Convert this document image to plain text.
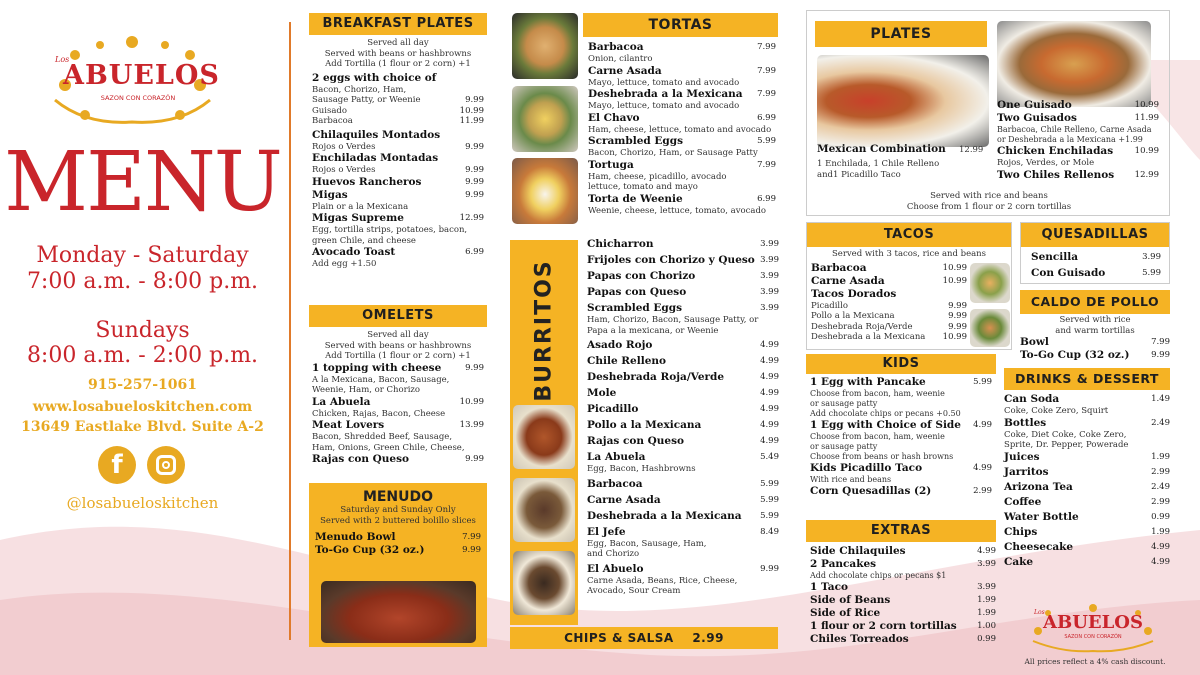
Los
ABUELOS
SAZON CON CORAZÓN
MENU
Monday - Saturday
7:00 a.m. - 8:00 p.m.
Sundays
8:00 a.m. - 2:00 p.m.
915-257-1061
www.losabueloskitchen.com
13649 Eastlake Blvd. Suite A-2
f
@losabueloskitchen
BREAKFAST PLATES
Served all day
Served with beans or hashbrowns
Add Tortilla (1 flour or 2 corn) +1
2 eggs with choice of
Bacon, Chorizo, Ham,
Sausage Patty, or Weenie	9.99
Guisado	10.99
Barbacoa	11.99
Chilaquiles Montados
Rojos o Verdes	9.99
Enchiladas Montadas
Rojos o Verdes	9.99
Huevos Rancheros	9.99
Migas	9.99
Plain or a la Mexicana
Migas Supreme	12.99
Egg, tortilla strips, potatoes, bacon, green Chile, and cheese
Avocado Toast	6.99
Add egg +1.50
OMELETS
Served all day
Served with beans or hashbrowns
Add Tortilla (1 flour or 2 corn) +1
1 topping with cheese	9.99
A la Mexicana, Bacon, Sausage, Weenie, Ham, or Chorizo
La Abuela	10.99
Chicken, Rajas, Bacon, Cheese
Meat Lovers	13.99
Bacon, Shredded Beef, Sausage, Ham, Onions, Green Chile, Cheese,
Rajas con Queso	9.99
MENUDO
Saturday and Sunday Only
Served with 2 buttered bolillo slices
Menudo Bowl	7.99
To-Go Cup (32 oz.)	9.99
TORTAS
Barbacoa	7.99
Onion, cilantro
Carne Asada	7.99
Mayo, lettuce, tomato and avocado
Deshebrada a la Mexicana 7.99
Mayo, lettuce, tomato and avocado
El Chavo	6.99
Ham, cheese, lettuce, tomato and avocado
Scrambled Eggs	5.99
Bacon, Chorizo, Ham, or Sausage Patty
Tortuga	7.99
Ham, cheese, picadillo, avocado lettuce, tomato and mayo
Torta de Weenie	6.99
Weenie, cheese, lettuce, tomato, avocado
BURRITOS
Chicharron	3.99
Frijoles con Chorizo y Queso 3.99
Papas con Chorizo	3.99
Papas con Queso	3.99
Scrambled Eggs	3.99
Ham, Chorizo, Bacon, Sausage Patty, or Papa a la mexicana, or Weenie
Asado Rojo	4.99
Chile Relleno	4.99
Deshebrada Roja/Verde	4.99
Mole	4.99
Picadillo	4.99
Pollo a la Mexicana	4.99
Rajas con Queso	4.99
La Abuela	5.49
Egg, Bacon, Hashbrowns
Barbacoa	5.99
Carne Asada	5.99
Deshebrada a la Mexicana 5.99
El Jefe	8.49
Egg, Bacon, Sausage, Ham, and Chorizo
El Abuelo	9.99
Carne Asada, Beans, Rice, Cheese, Avocado, Sour Cream
CHIPS & SALSA 2.99
PLATES
Mexican Combination 12.99
1 Enchilada, 1 Chile Relleno
and1 Picadillo Taco
One Guisado	10.99
Two Guisados	11.99
Barbacoa, Chile Relleno, Carne Asada or Deshebrada a la Mexicana +1.99
Chicken Enchiladas	10.99
Rojos, Verdes, or Mole
Two Chiles Rellenos 12.99
Served with rice and beans
Choose from 1 flour or 2 corn tortillas
TACOS
Served with 3 tacos, rice and beans
Barbacoa	10.99
Carne Asada	10.99
Tacos Dorados
Picadillo	9.99
Pollo a la Mexicana	9.99
Deshebrada Roja/Verde	9.99
Deshebrada a la Mexicana 10.99
QUESADILLAS
Sencilla	3.99
Con Guisado	5.99
CALDO DE POLLO
Served with rice
and warm tortillas
Bowl	7.99
To-Go Cup (32 oz.)	9.99
KIDS
1 Egg with Pancake	5.99
Choose from bacon, ham, weenie
or sausage patty
Add chocolate chips or pecans +0.50
1 Egg with Choice of Side 4.99
Choose from bacon, ham, weenie
or sausage patty
Choose from beans or hash browns
Kids Picadillo Taco	4.99
With rice and beans
Corn Quesadillas (2)	2.99
EXTRAS
Side Chilaquiles	4.99
2 Pancakes	3.99
Add chocolate chips or pecans $1
1 Taco	3.99
Side of Beans	1.99
Side of Rice	1.99
1 flour or 2 corn tortillas 1.00
Chiles Torreados	0.99
DRINKS & DESSERT
Can Soda	1.49
Coke, Coke Zero, Squirt
Bottles	2.49
Coke, Diet Coke, Coke Zero, Sprite, Dr. Pepper, Powerade
Juices	1.99
Jarritos	2.99
Arizona Tea	2.49
Coffee	2.99
Water Bottle	0.99
Chips	1.99
Cheesecake	4.99
Cake	4.99
Los
ABUELOS
SAZON CON CORAZÓN
All prices reflect a 4% cash discount.
